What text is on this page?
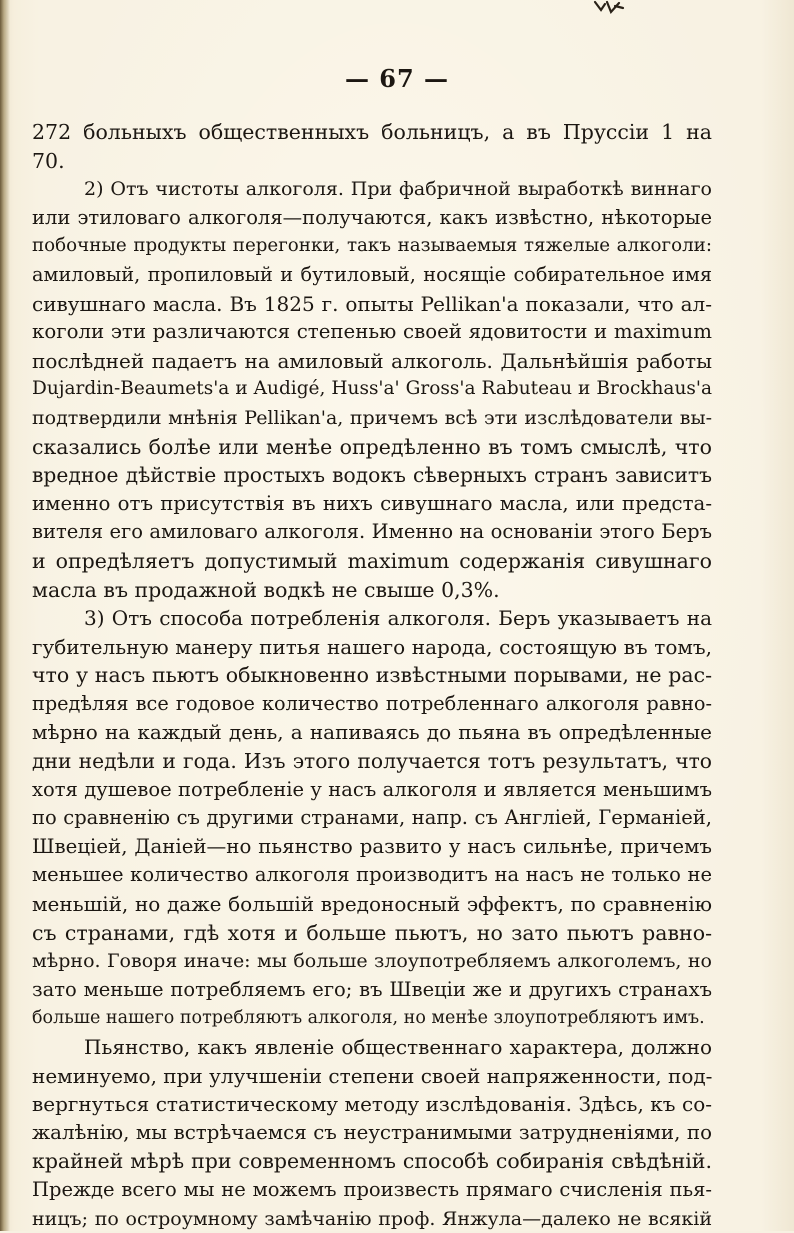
— 67 —
272 больныхъ общественныхъ больницъ, а въ Пруссіи 1 на
70.
2) Отъ чистоты алкоголя. При фабричной выработкѣ виннаго
или этиловаго алкоголя—получаются, какъ извѣстно, нѣкоторые
побочные продукты перегонки, такъ называемыя тяжелые алкоголи:
амиловый, пропиловый и бутиловый, носящіе собирательное имя
сивушнаго масла. Въ 1825 г. опыты Pellikan'а показали, что ал-
коголи эти различаются степенью своей ядовитости и maximum
послѣдней падаетъ на амиловый алкоголь. Дальнѣйшія работы
Dujardin-Beaumets'а и Audigé, Huss'а' Gross'а Rabuteau и Brockhaus'а
подтвердили мнѣнія Pellikan'а, причемъ всѣ эти изслѣдователи вы-
сказались болѣе или менѣе опредѣленно въ томъ смыслѣ, что
вредное дѣйствіе простыхъ водокъ сѣверныхъ странъ зависитъ
именно отъ присутствія въ нихъ сивушнаго масла, или предста-
вителя его амиловаго алкоголя. Именно на основаніи этого Беръ
и опредѣляетъ допустимый maximum содержанія сивушнаго
масла въ продажной водкѣ не свыше 0,3%.
3) Отъ способа потребленія алкоголя. Беръ указываетъ на
губительную манеру питья нашего народа, состоящую въ томъ,
что у насъ пьютъ обыкновенно извѣстными порывами, не рас-
предѣляя все годовое количество потребленнаго алкоголя равно-
мѣрно на каждый день, а напиваясь до пьяна въ опредѣленные
дни недѣли и года. Изъ этого получается тотъ результатъ, что
хотя душевое потребленіе у насъ алкоголя и является меньшимъ
по сравненію съ другими странами, напр. съ Англіей, Германіей,
Швеціей, Даніей—но пьянство развито у насъ сильнѣе, причемъ
меньшее количество алкоголя производитъ на насъ не только не
меньшій, но даже большій вредоносный эффектъ, по сравненію
съ странами, гдѣ хотя и больше пьютъ, но зато пьютъ равно-
мѣрно. Говоря иначе: мы больше злоупотребляемъ алкоголемъ, но
зато меньше потребляемъ его; въ Швеціи же и другихъ странахъ
больше нашего потребляютъ алкоголя, но менѣе злоупотребляютъ имъ.
Пьянство, какъ явленіе общественнаго характера, должно
неминуемо, при улучшеніи степени своей напряженности, под-
вергнуться статистическому методу изслѣдованія. Здѣсь, къ со-
жалѣнію, мы встрѣчаемся съ неустранимыми затрудненіями, по
крайней мѣрѣ при современномъ способѣ собиранія свѣдѣній.
Прежде всего мы не можемъ произвесть прямаго счисленія пья-
ницъ; по остроумному замѣчанію проф. Янжула—далеко не всякій
